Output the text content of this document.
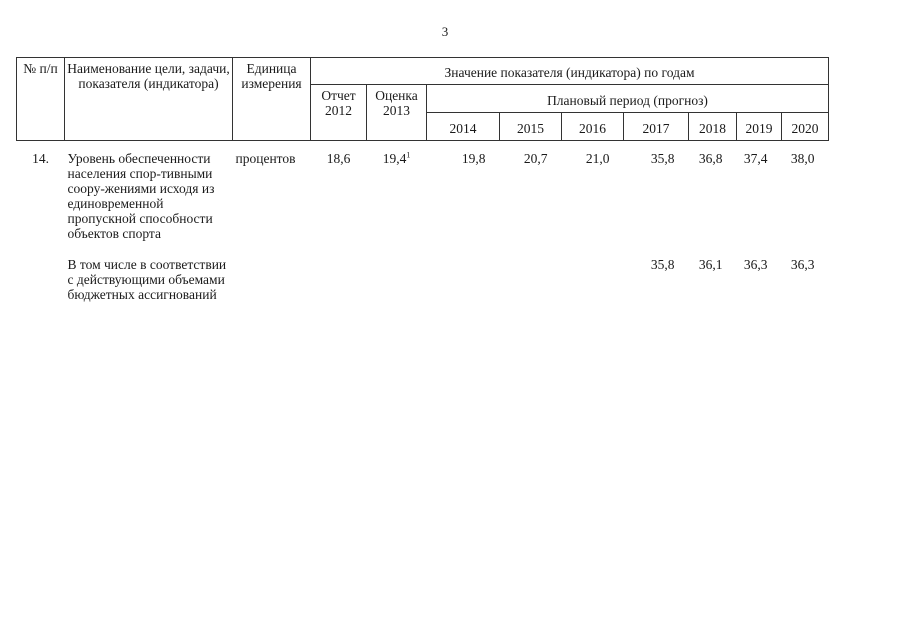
3
№ п/п	Наименование цели, задачи, показателя (индикатора)	Единица измерения	Значение показателя (индикатора) по годам								
			Отчет 2012	Оценка 2013	Плановый период (прогноз)						
					2014	2015	2016	2017	2018	2019	2020
14.	Уровень обеспеченности населения спор-тивными соору-жениями исходя из единовременной пропускной способности объектов спорта	процентов	18,6	19,4$^1$	19,8	20,7	21,0	35,8	36,8	37,4	38,0
	В том числе в соответствии с действующими объемами бюджетных ассигнований							35,8	36,1	36,3	36,3
